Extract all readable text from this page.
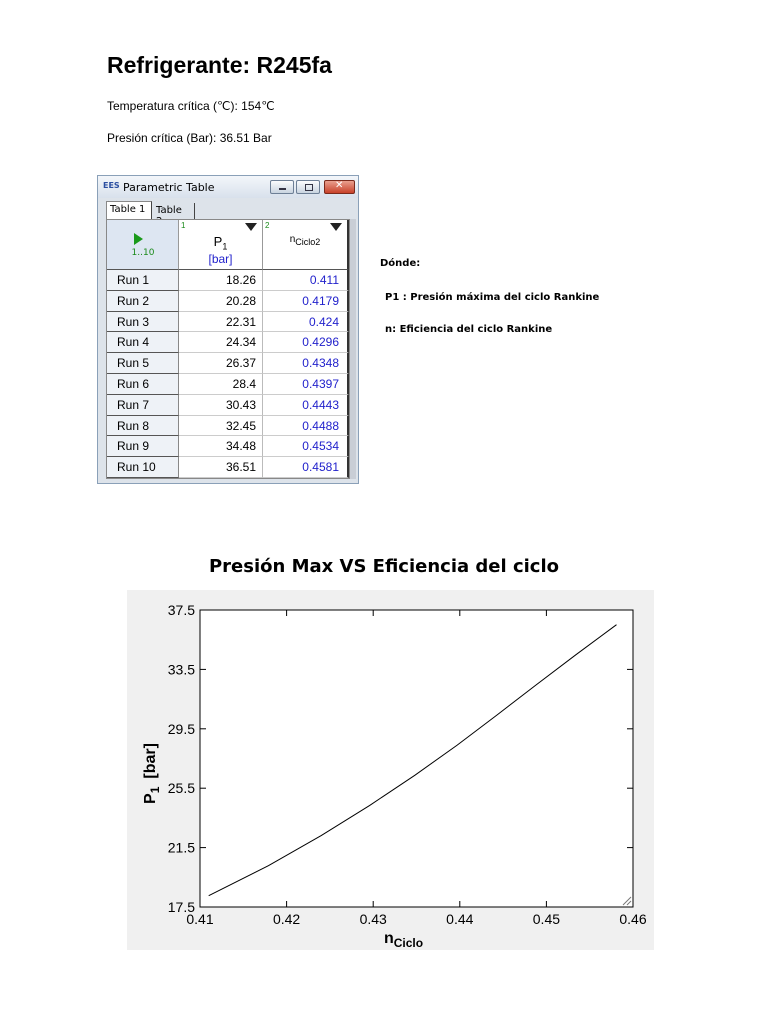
Refrigerante: R245fa
Temperatura crítica (℃): 154℃
Presión crítica (Bar): 36.51 Bar
EES Parametric Table
✕
Table 1	Table
1..10
1
$P_1$
[bar]
2
$n_{Ciclo2}$
Run 1	18.26	0.411
Run 2	20.28	0.4179
Run 3	22.31	0.424
Run 4	24.34	0.4296
Run 5	26.37	0.4348
Run 6	28.4	0.4397
Run 7	30.43	0.4443
Run 8	32.45	0.4488
Run 9	34.48	0.4534
Run 10	36.51	0.4581
Dónde:
P1 : Presión máxima del ciclo Rankine
n: Eficiencia del ciclo Rankine
Presión Max VS Eficiencia del ciclo
0.41	0.42	0.43	0.44	0.45	0.46
17.5
21.5
25.5
29.5
33.5
37.5
$n_{Ciclo}$
$P_1[bar]$
